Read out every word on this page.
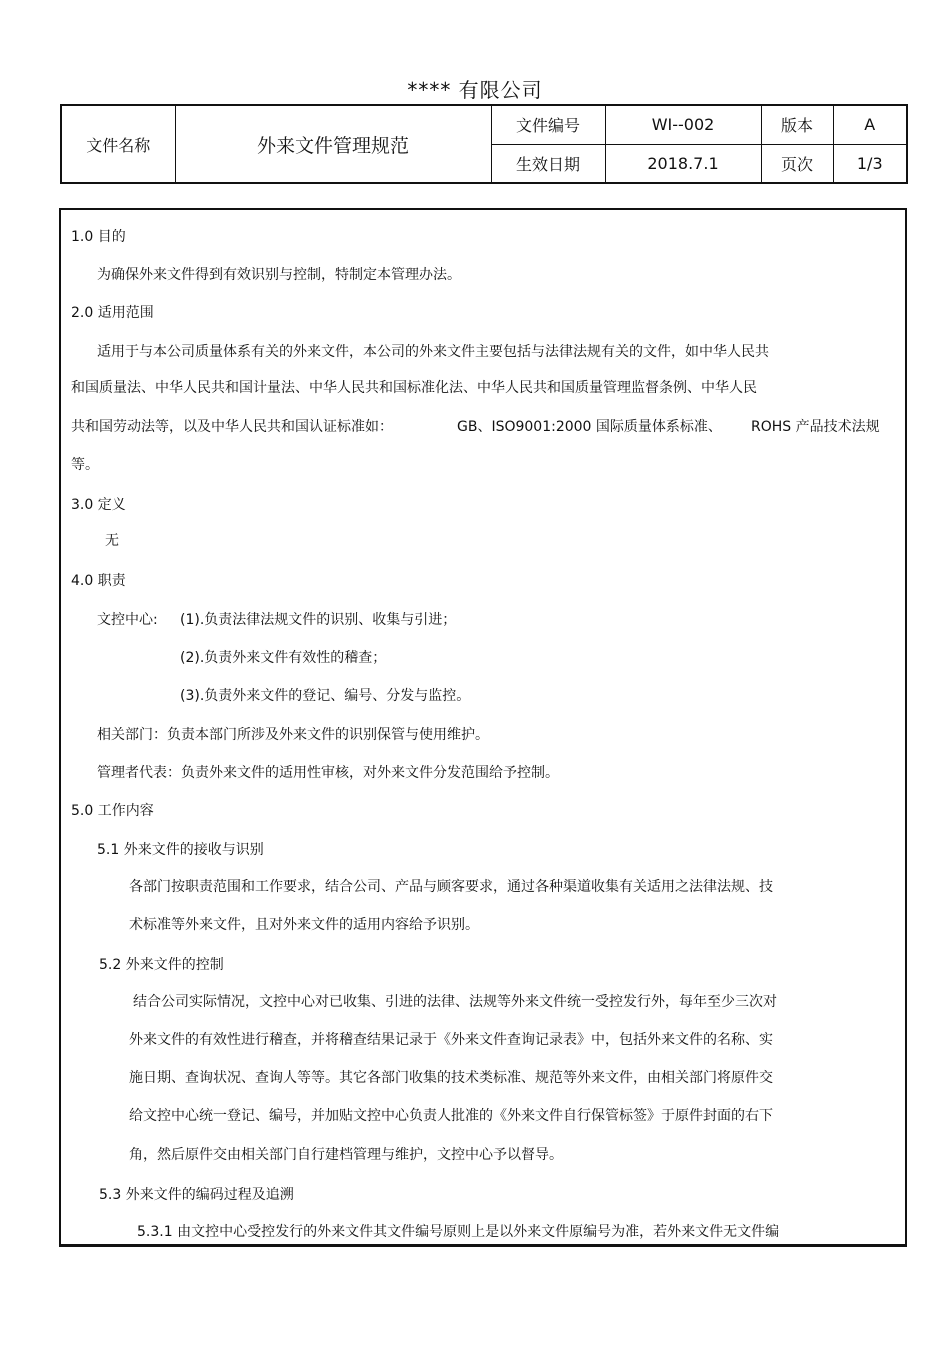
**** 有限公司
文件名称	外来文件管理规范	文件编号	WI--002	版本	A
		生效日期	2018.7.1	页次	1/3
1.0 目的
为确保外来文件得到有效识别与控制，特制定本管理办法。
2.0 适用范围
适用于与本公司质量体系有关的外来文件，本公司的外来文件主要包括与法律法规有关的文件，如中华人民共
和国质量法、中华人民共和国计量法、中华人民共和国标准化法、中华人民共和国质量管理监督条例、中华人民
共和国劳动法等，以及中华人民共和国认证标准如：	GB、ISO9001:2000 国际质量体系标准、 ROHS 产品技术法规
等。
3.0 定义
无
4.0 职责
文控中心: (1).负责法律法规文件的识别、收集与引进；
(2).负责外来文件有效性的稽查；
(3).负责外来文件的登记、编号、分发与监控。
相关部门：负责本部门所涉及外来文件的识别保管与使用维护。
管理者代表：负责外来文件的适用性审核，对外来文件分发范围给予控制。
5.0 工作内容
5.1 外来文件的接收与识别
各部门按职责范围和工作要求，结合公司、产品与顾客要求，通过各种渠道收集有关适用之法律法规、技
术标准等外来文件，且对外来文件的适用内容给予识别。
5.2 外来文件的控制
结合公司实际情况，文控中心对已收集、引进的法律、法规等外来文件统一受控发行外，每年至少三次对
外来文件的有效性进行稽查，并将稽查结果记录于《外来文件查询记录表》中，包括外来文件的名称、实
施日期、查询状况、查询人等等。其它各部门收集的技术类标准、规范等外来文件，由相关部门将原件交
给文控中心统一登记、编号，并加贴文控中心负责人批准的《外来文件自行保管标签》于原件封面的右下
角，然后原件交由相关部门自行建档管理与维护，文控中心予以督导。
5.3 外来文件的编码过程及追溯
5.3.1 由文控中心受控发行的外来文件其文件编号原则上是以外来文件原编号为准，若外来文件无文件编
